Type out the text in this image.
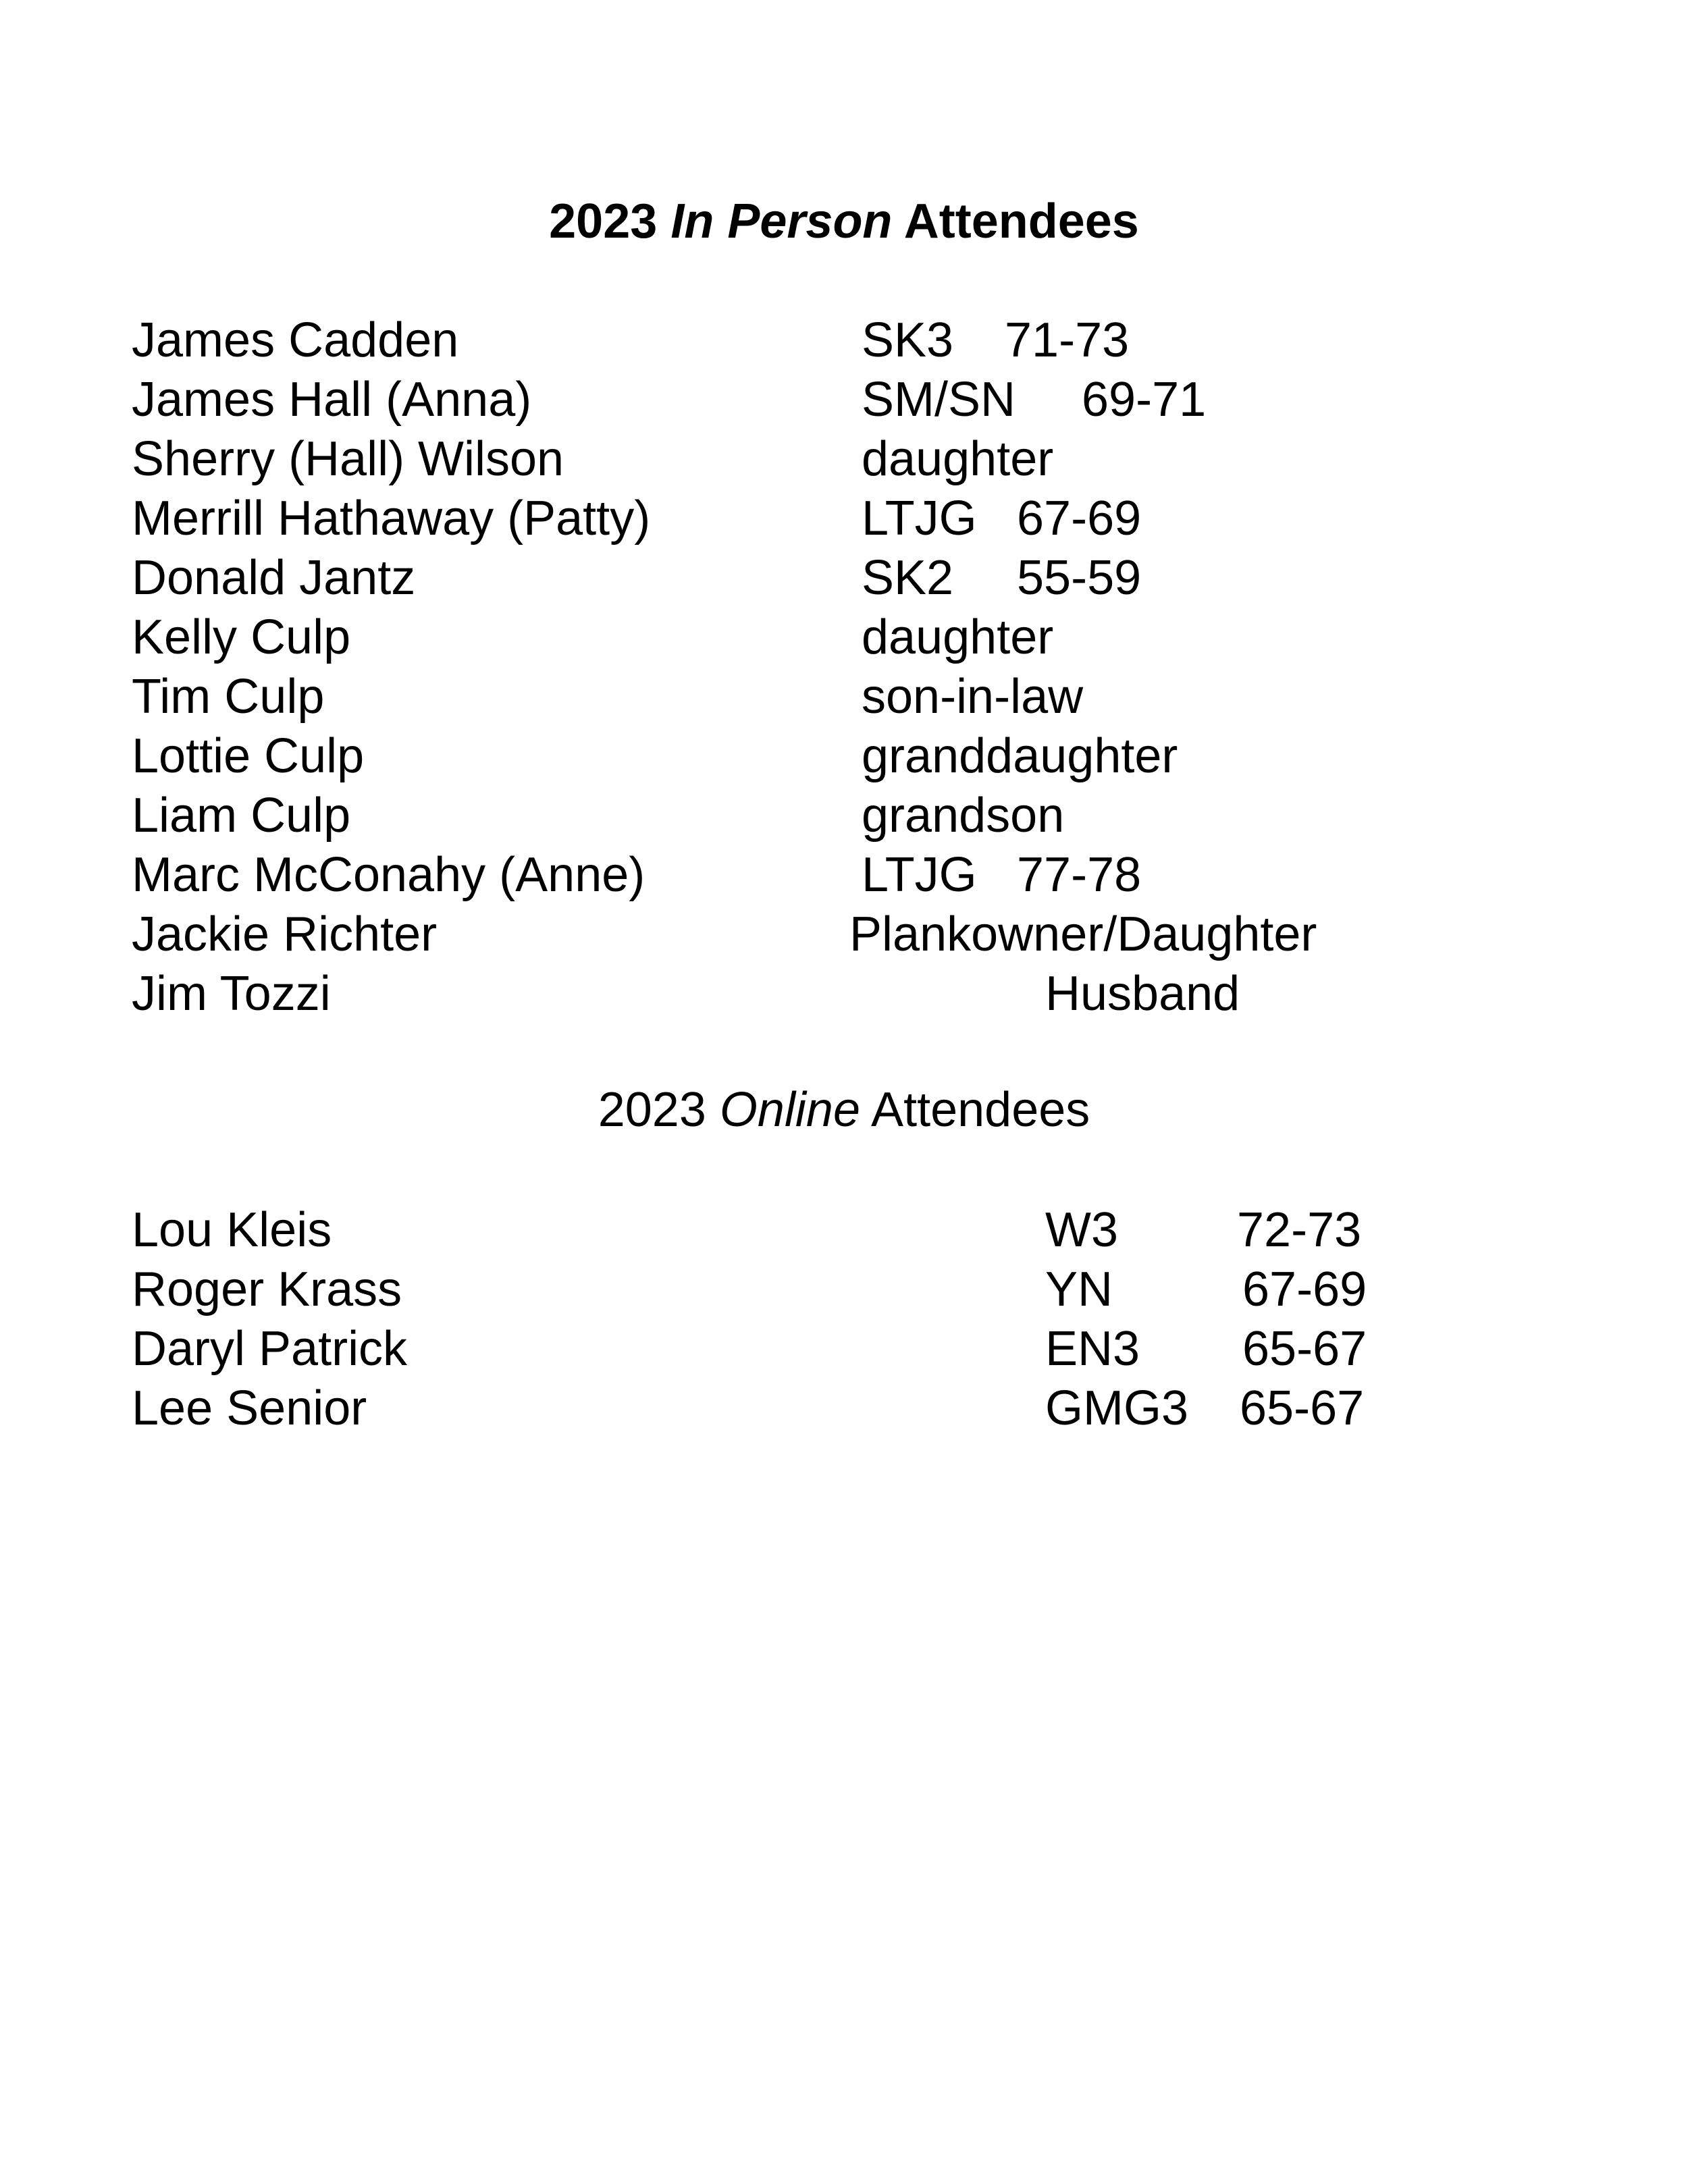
2023 In Person Attendees
James Cadden	SK3 71-73
James Hall (Anna)	SM/SN 69-71
Sherry (Hall) Wilson	daughter
Merrill Hathaway (Patty)	LTJG 67-69
Donald Jantz	SK2 55-59
Kelly Culp	daughter
Tim Culp	son-in-law
Lottie Culp	granddaughter
Liam Culp	grandson
Marc McConahy (Anne)	LTJG 77-78
Jackie Richter	Plankowner/Daughter
Jim Tozzi	Husband
2023 Online Attendees
Lou Kleis	W3 72-73
Roger Krass	YN	67-69
Daryl Patrick	EN3 65-67
Lee Senior	GMG3 65-67
